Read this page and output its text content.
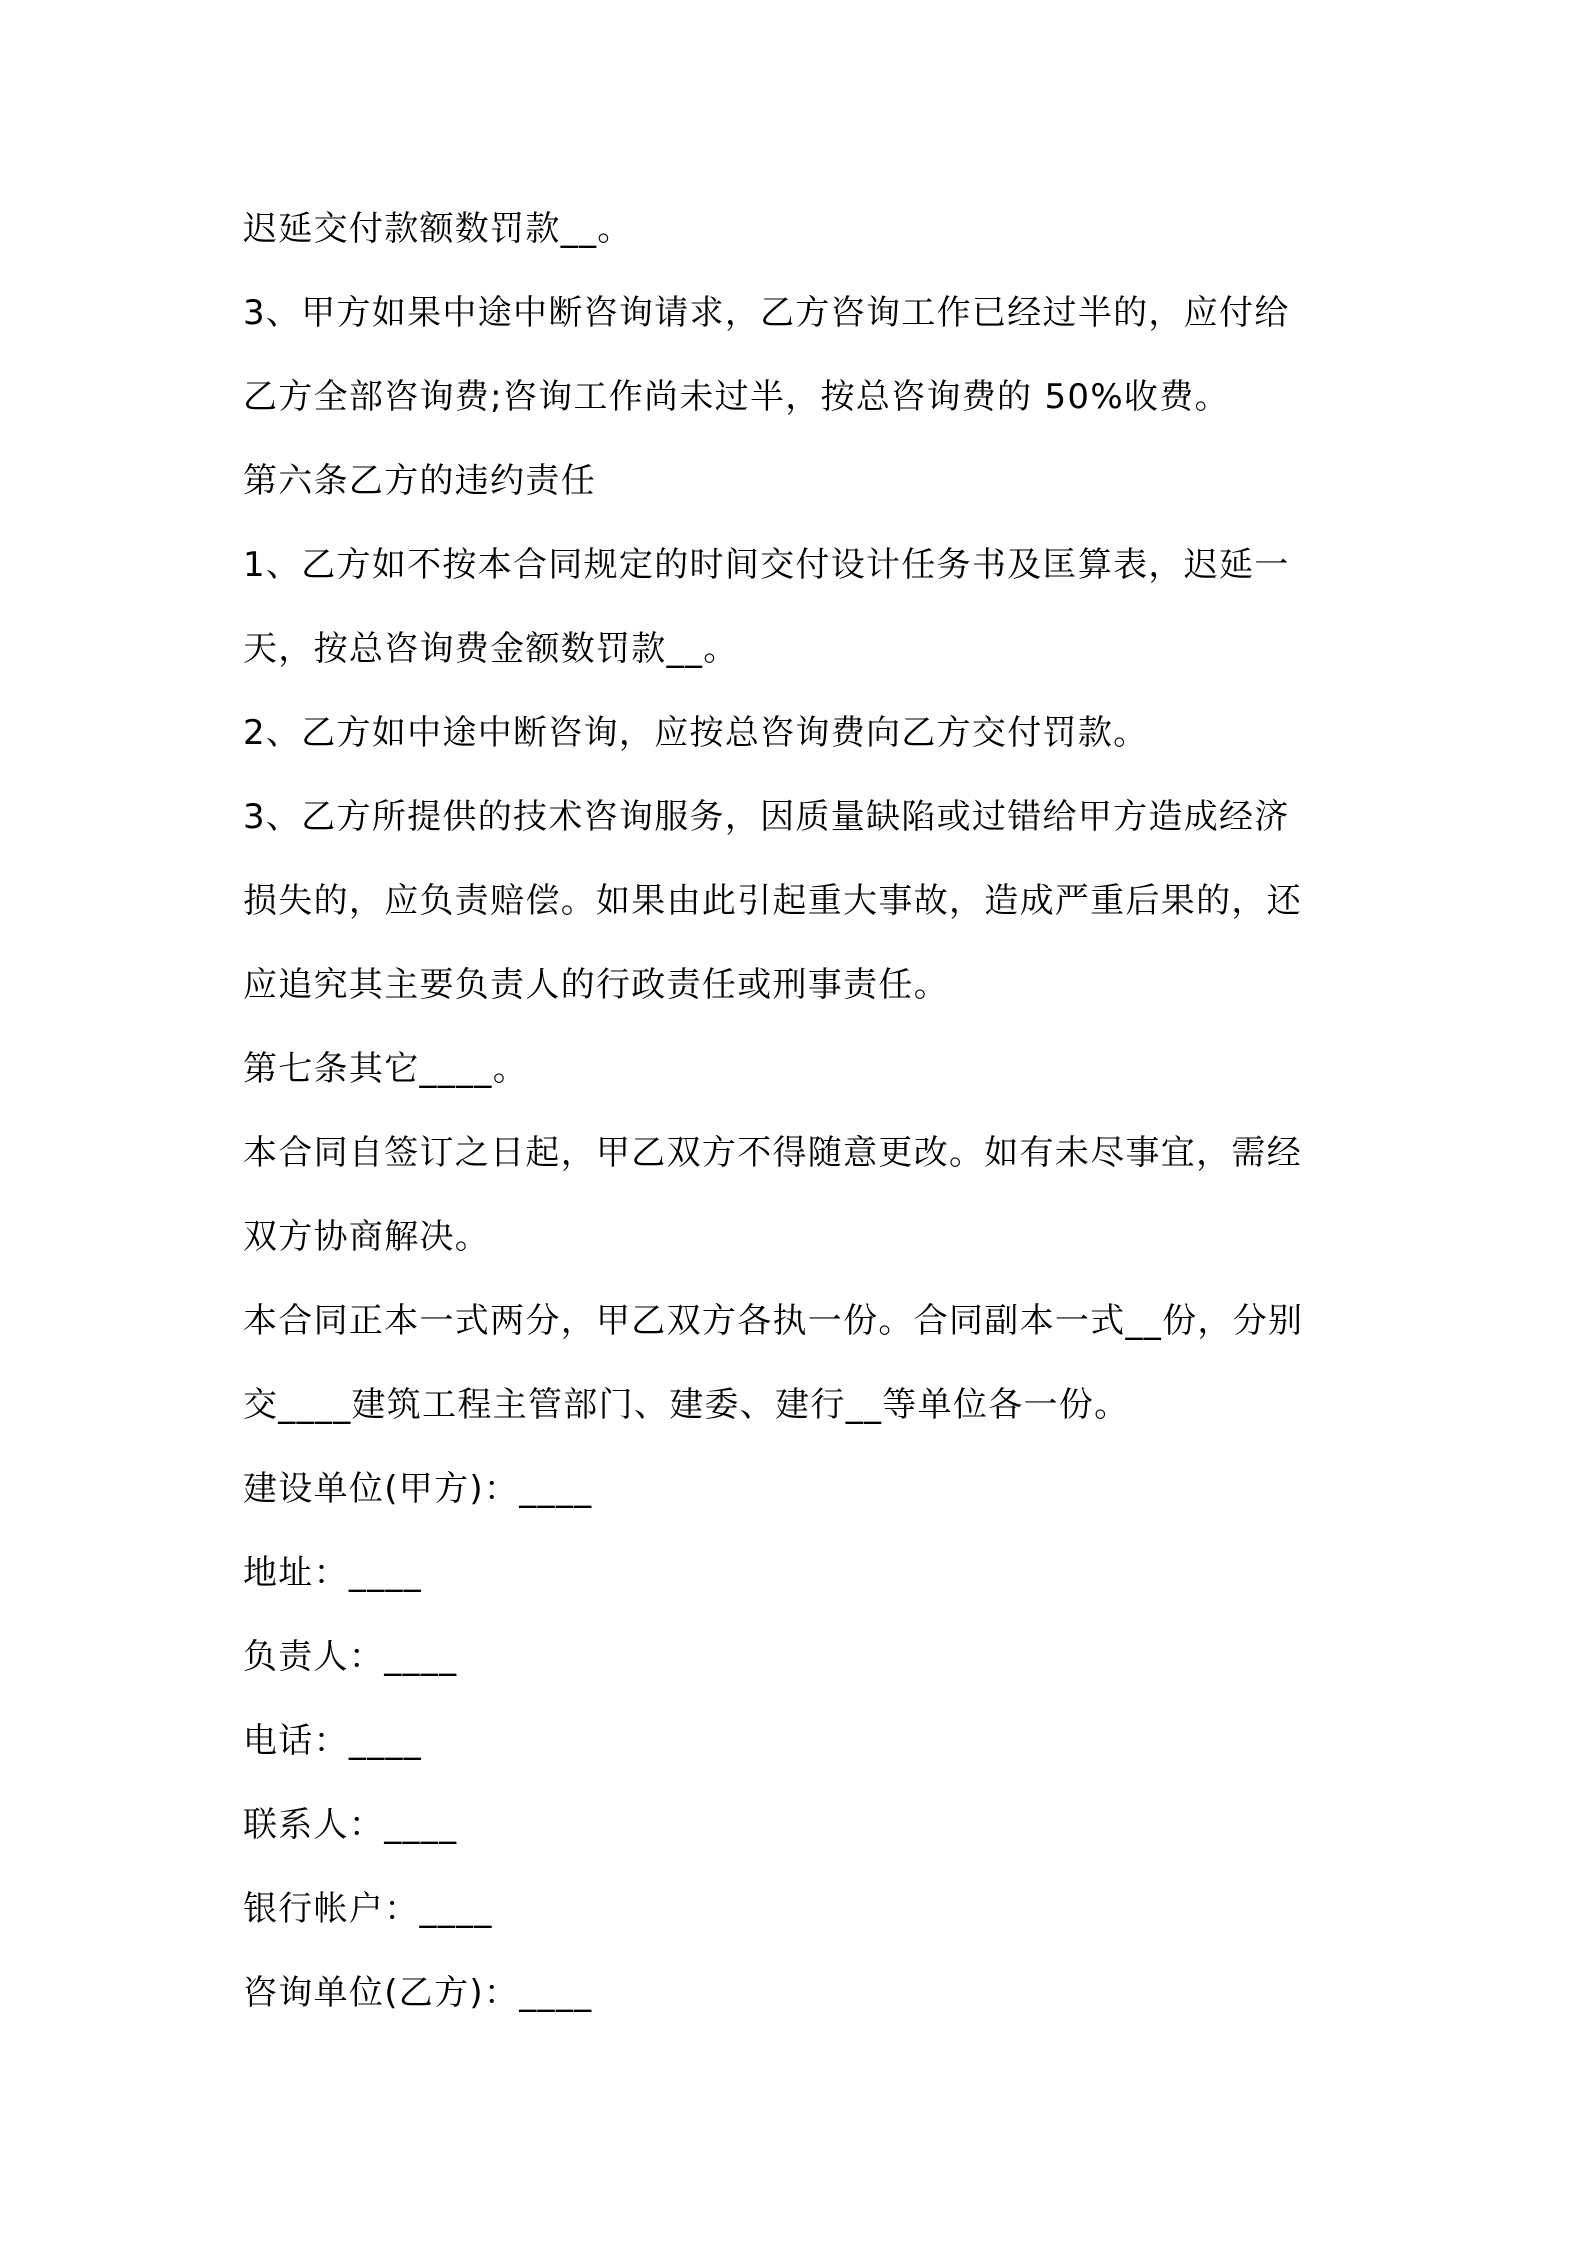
迟延交付款额数罚款__。

3、甲方如果中途中断咨询请求，乙方咨询工作已经过半的，应付给

乙方全部咨询费;咨询工作尚未过半，按总咨询费的 50%收费。

第六条乙方的违约责任

1、乙方如不按本合同规定的时间交付设计任务书及匡算表，迟延一

天，按总咨询费金额数罚款__。

2、乙方如中途中断咨询，应按总咨询费向乙方交付罚款。

3、乙方所提供的技术咨询服务，因质量缺陷或过错给甲方造成经济

损失的，应负责赔偿。如果由此引起重大事故，造成严重后果的，还

应追究其主要负责人的行政责任或刑事责任。

第七条其它____。

本合同自签订之日起，甲乙双方不得随意更改。如有未尽事宜，需经

双方协商解决。

本合同正本一式两分，甲乙双方各执一份。合同副本一式__份，分别

交____建筑工程主管部门、建委、建行__等单位各一份。

建设单位(甲方)：____

地址：____

负责人：____

电话：____

联系人：____

银行帐户：____

咨询单位(乙方)：____
